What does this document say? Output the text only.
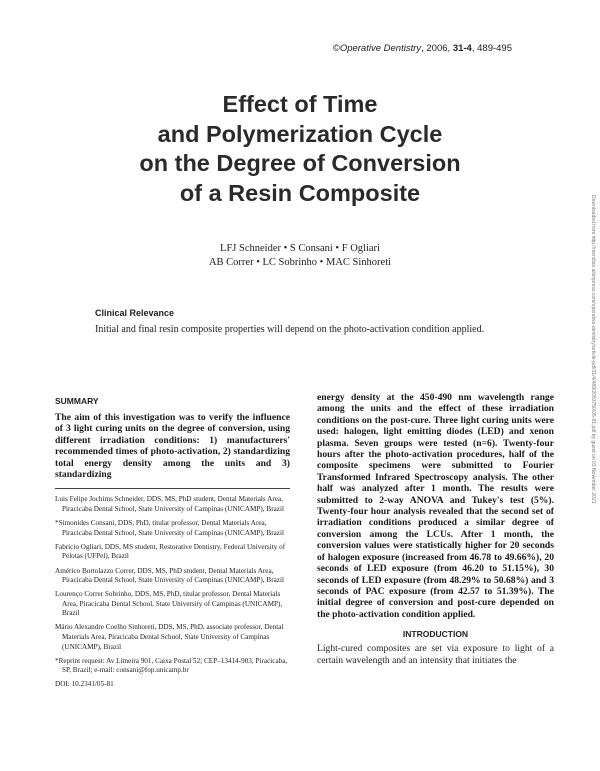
©Operative Dentistry, 2006, 31-4, 489-495
Effect of Time
and Polymerization Cycle
on the Degree of Conversion
of a Resin Composite
LFJ Schneider • S Consani • F Ogliari
AB Correr • LC Sobrinho • MAC Sinhoreti
Clinical Relevance
Initial and final resin composite properties will depend on the photo-activation condition applied.
SUMMARY

The aim of this investigation was to verify the influence of 3 light curing units on the degree of conversion, using different irradiation conditions: 1) manufacturers' recommended times of photo-activation, 2) standardizing total energy density among the units and 3) standardizing

Luis Felipe Jochims Schneider, DDS, MS, PhD student, Dental Materials Area, Piracicaba Dental School, State University of Campinas (UNICAMP), Brazil

*Simonides Consani, DDS, PhD, titular professor, Dental Materials Area, Piracicaba Dental School, State University of Campinas (UNICAMP), Brazil

Fabrício Ogliari, DDS, MS student, Restorative Dentistry, Federal University of Pelotas (UFPel), Brazil

Américo Bortolazzo Correr, DDS, MS, PhD student, Dental Materials Area, Piracicaba Dental School, State University of Campinas (UNICAMP), Brazil

Lourenço Correr Sobrinho, DDS, MS, PhD, titular professor, Dental Materials Area, Piracicaba Dental School, State University of Campinas (UNICAMP), Brazil

Mário Alexandre Coelho Sinhoreti, DDS, MS, PhD, associate professor, Dental Materials Area, Piracicaba Dental School, State University of Campinas (UNICAMP), Brazil

*Reprint request: Av Limeira 901, Caixa Postal 52; CEP–13414-903, Piracicaba, SP, Brazil; e-mail: consani@fop.unicamp.br

DOI: 10.2341/05-81

energy density at the 450-490 nm wavelength range among the units and the effect of these irradiation conditions on the post-cure. Three light curing units were used: halogen, light emitting diodes (LED) and xenon plasma. Seven groups were tested (n=6). Twenty-four hours after the photo-activation procedures, half of the composite specimens were submitted to Fourier Transformed Infrared Spectroscopy analysis. The other half was analyzed after 1 month. The results were submitted to 2-way ANOVA and Tukey's test (5%). Twenty-four hour analysis revealed that the second set of irradiation conditions produced a similar degree of conversion among the LCUs. After 1 month, the conversion values were statistically higher for 20 seconds of halogen exposure (increased from 46.78 to 49.66%), 20 seconds of LED exposure (from 46.20 to 51.15%), 30 seconds of LED exposure (from 48.29% to 50.68%) and 3 seconds of PAC exposure (from 42.57 to 51.39%). The initial degree of conversion and post-cure depended on the photo-activation condition applied.

INTRODUCTION

Light-cured composites are set via exposure to light of a certain wavelength and an intensity that initiates the

Downloaded from http://meridian.allenpress.com/operative-dentistry/article-pdf/31/4/489/2053750/05-81.pdf by guest on 03 November 2021
